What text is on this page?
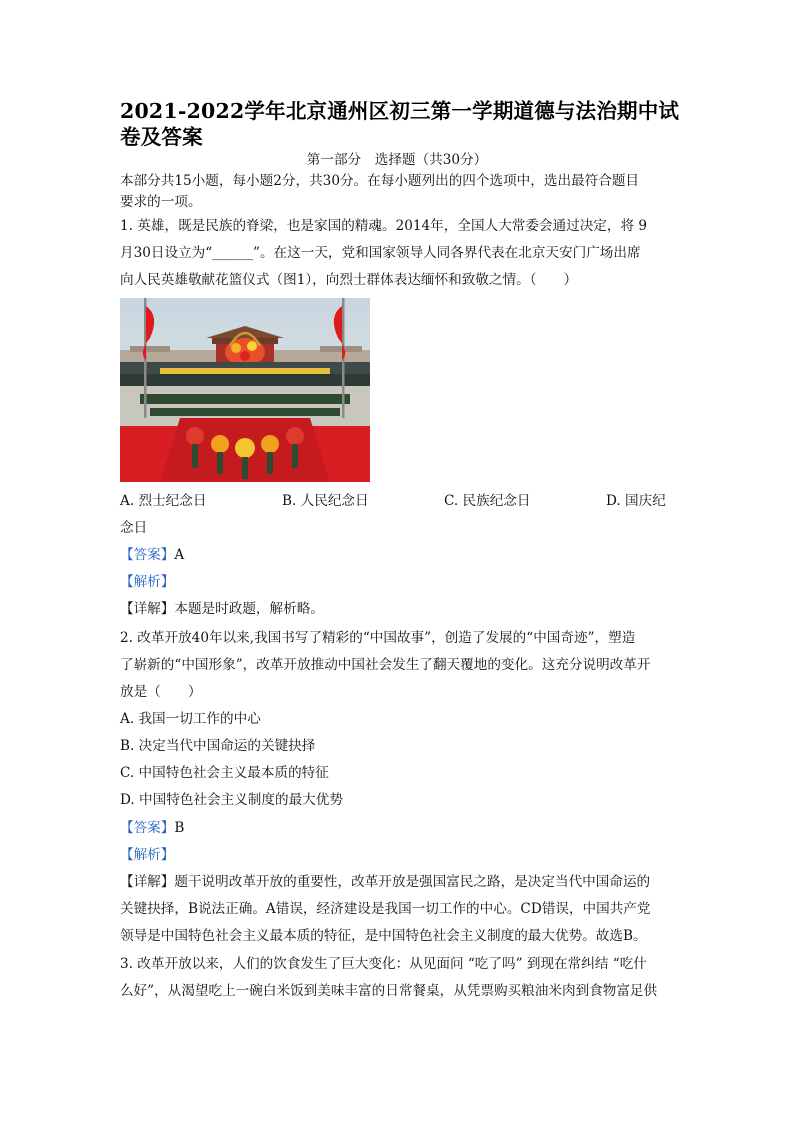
2021-2022学年北京通州区初三第一学期道德与法治期中试
卷及答案
第一部分　选择题（共30分）
本部分共15小题，每小题2分，共30分。在每小题列出的四个选项中，选出最符合题目
要求的一项。
1. 英雄，既是民族的脊梁，也是家国的精魂。2014年，全国人大常委会通过决定，将 9
月30日设立为“______”。在这一天，党和国家领导人同各界代表在北京天安门广场出席
向人民英雄敬献花篮仪式（图1），向烈士群体表达缅怀和致敬之情。（　　）
A. 烈士纪念日	B. 人民纪念日	C. 民族纪念日	D. 国庆纪
念日
【答案】A
【解析】
【详解】本题是时政题，解析略。
2. 改革开放40年以来,我国书写了精彩的“中国故事”，创造了发展的“中国奇迹”，塑造
了崭新的“中国形象”，改革开放推动中国社会发生了翻天覆地的变化。这充分说明改革开
放是（　　）
A. 我国一切工作的中心
B. 决定当代中国命运的关键抉择
C. 中国特色社会主义最本质的特征
D. 中国特色社会主义制度的最大优势
【答案】B
【解析】
【详解】题干说明改革开放的重要性，改革开放是强国富民之路，是决定当代中国命运的
关键抉择，B说法正确。A错误，经济建设是我国一切工作的中心。CD错误，中国共产党
领导是中国特色社会主义最本质的特征，是中国特色社会主义制度的最大优势。故选B。
3. 改革开放以来，人们的饮食发生了巨大变化：从见面问 “吃了吗” 到现在常纠结 “吃什
么好”，从渴望吃上一碗白米饭到美味丰富的日常餐桌，从凭票购买粮油米肉到食物富足供
